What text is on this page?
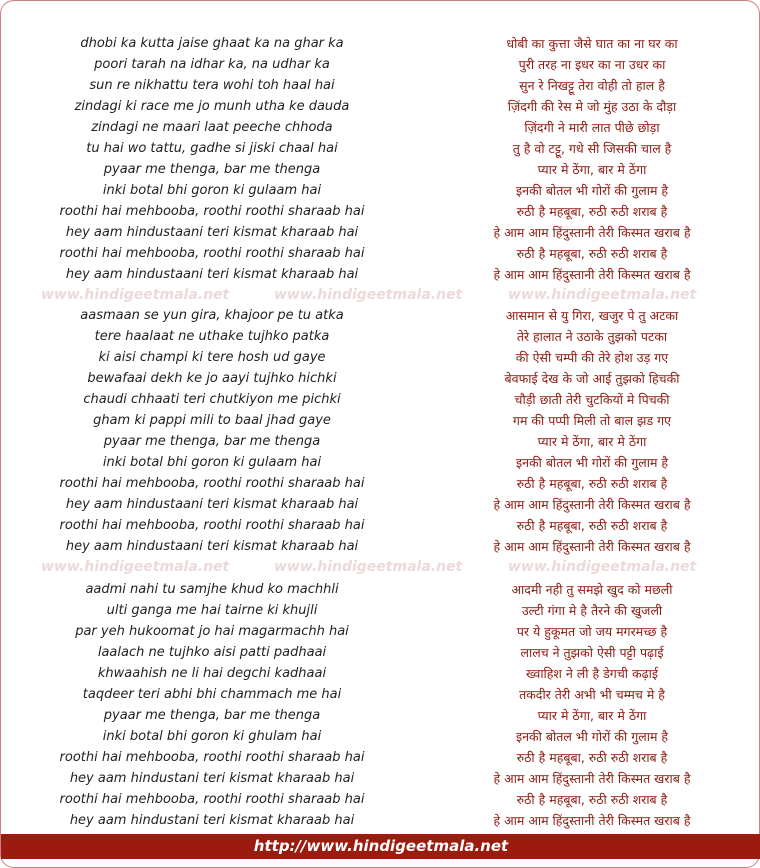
dhobi ka kutta jaise ghaat ka na ghar ka	धोबी का कुत्ता जैसे घात का ना घर का
poori tarah na idhar ka, na udhar ka	पुरी तरह ना इधर का ना उधर का
sun re nikhattu tera wohi toh haal hai	सुन रे निखट्टू तेरा वोही तो हाल है
zindagi ki race me jo munh utha ke dauda	ज़िंदगी की रेस मे जो मुंह उठा के दौड़ा
zindagi ne maari laat peeche chhoda	ज़िंदगी ने मारी लात पीछे छोड़ा
tu hai wo tattu, gadhe si jiski chaal hai	तु है वो टट्टू, गधे सी जिसकी चाल है
pyaar me thenga, bar me thenga	प्यार मे ठेंगा, बार मे ठेंगा
inki botal bhi goron ki gulaam hai	इनकी बोतल भी गोरों की गुलाम है
roothi hai mehbooba, roothi roothi sharaab hai	रुठी है महबूबा, रुठी रुठी शराब है
hey aam hindustaani teri kismat kharaab hai	हे आम आम हिंदुस्तानी तेरी किस्मत खराब है
roothi hai mehbooba, roothi roothi sharaab hai	रुठी है महबूबा, रुठी रुठी शराब है
hey aam hindustaani teri kismat kharaab hai	हे आम आम हिंदुस्तानी तेरी किस्मत खराब है
www.hindigeetmala.net	www.hindigeetmala.net	www.hindigeetmala.net
aasmaan se yun gira, khajoor pe tu atka	आसमान से यु गिरा, खजुर पे तु अटका
tere haalaat ne uthake tujhko patka	तेरे हालात ने उठाके तुझको पटका
ki aisi champi ki tere hosh ud gaye	की ऐसी चम्पी की तेरे होश उड़ गए
bewafaai dekh ke jo aayi tujhko hichki	बेवफाई देख के जो आई तुझको हिचकी
chaudi chhaati teri chutkiyon me pichki	चौड़ी छाती तेरी चुटकियों मे पिचकी
gham ki pappi mili to baal jhad gaye	गम की पप्पी मिली तो बाल झड गए
pyaar me thenga, bar me thenga	प्यार मे ठेंगा, बार मे ठेंगा
inki botal bhi goron ki gulaam hai	इनकी बोतल भी गोरों की गुलाम है
roothi hai mehbooba, roothi roothi sharaab hai	रुठी है महबूबा, रुठी रुठी शराब है
hey aam hindustaani teri kismat kharaab hai	हे आम आम हिंदुस्तानी तेरी किस्मत खराब है
roothi hai mehbooba, roothi roothi sharaab hai	रुठी है महबूबा, रुठी रुठी शराब है
hey aam hindustaani teri kismat kharaab hai	हे आम आम हिंदुस्तानी तेरी किस्मत खराब है
www.hindigeetmala.net	www.hindigeetmala.net	www.hindigeetmala.net
aadmi nahi tu samjhe khud ko machhli	आदमी नही तु समझे खुद को मछली
ulti ganga me hai tairne ki khujli	उल्टी गंगा मे है तैरने की खुजली
par yeh hukoomat jo hai magarmachh hai	पर ये हुकूमत जो जय मगरमच्छ है
laalach ne tujhko aisi patti padhaai	लालच ने तुझको ऐसी पट्टी पढ़ाई
khwaahish ne li hai degchi kadhaai	ख्वाहिश ने ली है डेगची कढ़ाई
taqdeer teri abhi bhi chammach me hai	तकदीर तेरी अभी भी चम्मच मे है
pyaar me thenga, bar me thenga	प्यार मे ठेंगा, बार मे ठेंगा
inki botal bhi goron ki ghulam hai	इनकी बोतल भी गोरों की गुलाम है
roothi hai mehbooba, roothi roothi sharaab hai	रुठी है महबूबा, रुठी रुठी शराब है
hey aam hindustani teri kismat kharaab hai	हे आम आम हिंदुस्तानी तेरी किस्मत खराब है
roothi hai mehbooba, roothi roothi sharaab hai	रुठी है महबूबा, रुठी रुठी शराब है
hey aam hindustani teri kismat kharaab hai	हे आम आम हिंदुस्तानी तेरी किस्मत खराब है
http://www.hindigeetmala.net
